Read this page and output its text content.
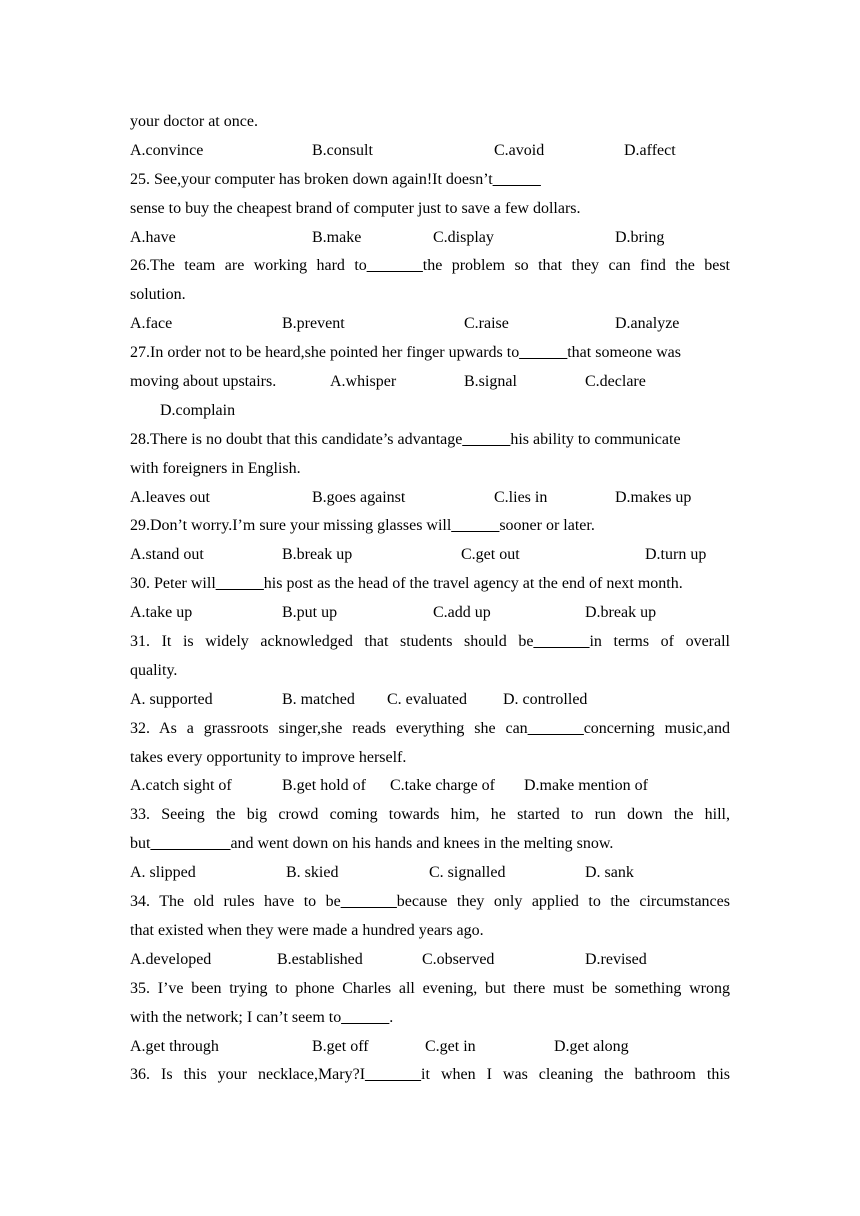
your doctor at once.
A.convince	B.consult	C.avoid	D.affect
25. See,your computer has broken down again!It doesn’t______
sense to buy the cheapest brand of computer just to save a few dollars.
A.have	B.make	C.display	D.bring
26.The team are working hard to_______the problem so that they can find the best
solution.
A.face	B.prevent	C.raise	D.analyze
27.In order not to be heard,she pointed her finger upwards to______that someone was
moving about upstairs.	A.whisper	B.signal	C.declare
D.complain
28.There is no doubt that this candidate’s advantage______his ability to communicate
with foreigners in English.
A.leaves out	B.goes against	C.lies in	D.makes up
29.Don’t worry.I’m sure your missing glasses will______sooner or later.
A.stand out	B.break up	C.get out	D.turn up
30. Peter will______his post as the head of the travel agency at the end of next month.
A.take up	B.put up	C.add up	D.break up
31. It is widely acknowledged that students should be_______in terms of overall
quality.
A. supported	B. matched C. evaluated D. controlled
32. As a grassroots singer,she reads everything she can_______concerning music,and
takes every opportunity to improve herself.
A.catch sight of	B.get hold of C.take charge of D.make mention of
33. Seeing the big crowd coming towards him, he started to run down the hill,
but__________and went down on his hands and knees in the melting snow.
A. slipped	B. skied	C. signalled	D. sank
34. The old rules have to be_______because they only applied to the circumstances
that existed when they were made a hundred years ago.
A.developed	B.established	C.observed	D.revised
35. I’ve been trying to phone Charles all evening, but there must be something wrong
with the network; I can’t seem to______.
A.get through	B.get off	C.get in	D.get along
36. Is this your necklace,Mary?I_______it when I was cleaning the bathroom this
